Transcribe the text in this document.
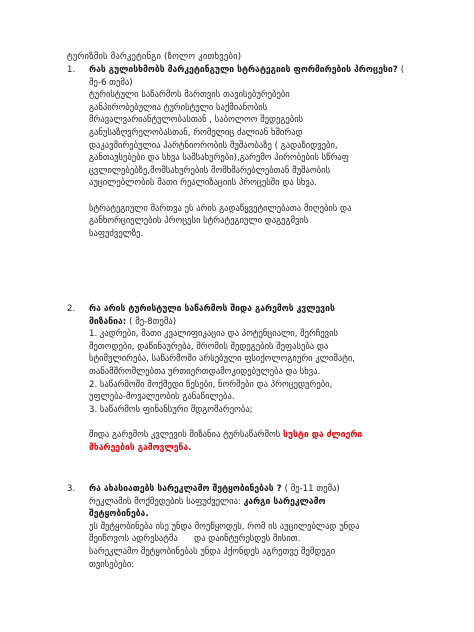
ტურიზმის მარკეტინგი (ზოლო კითხვები)
1. რას გულისხმობს მარკეტინგული სტრატეგიის ფორმირების პროცესი? ( მე-6 თემა)

ტურისტული საწარმოს მართვის თავისებურებები

განპირობებულია ტურისტული საქმიანობის

მრავალვარიანტულობასთან , საბოლოო შედეგების

განუსაზღვრელობასთან, რომელიც ძალიან ხშირად

დაკავშირებულია პარტნიორობის მუშაობაზე ( გადაზიდვები,

განთავსებები და სხვა სამსახურები),გარემო პირობების სწრაფ

ცვლილებებზე,მომსახურების მომხმარებლებთან მუშაობის

აუცილებლობის მათი რეალიზაციის პროცესში და სხვა.

სტრატეგიული მართვა ეს არის გადაწყვეტილებათა მიღების და

განხორციელების პროცესი სტრატეგიული დაგეგმვის

საფუძველზე.

2. რა არის ტურისტული საწარმოს შიდა გარემოს კვლევის
მიზანია: ( მე-8თემა)

1. კადრები, მათი კვალიფიკაცია და პოტენციალი, შერჩევის

მეთოდები, დაწინაურება, შრომის შედეგების შეფასება და

სტიმულირება, საწარმოში არსებული ფსიქოლოგიური კლიმატი,

თანამშრომლებთა ურთიერთდამოკიდებულება და სხვა.

2. საწარმოში მოქმედი წესები, ნორმები და პროცედურები,

უფლება-მოვალეობის განაწილება.

3. საწარმოს ფინანსური მდგომარეობა;

შიდა გარემოს კვლევის მიზანია ტურსაწარმოს სუსტი და ძლიერი

მხარეების გამოვლენა.

3. რა ახასიათებს სარეკლამო შეტყობინებას ? ( მე-11 თემა)

რეკლამის მოქმედების საფუძველია: კარგი სარეკლამო

შეტყობინება.

ეს შეტყობინება ისე უნდა მოეწყოდეს, რომ ის აუცილებლად უნდა

შეიწოვოს ადრესატმა      და დაინტერესდეს მისით.

სარეკლამო შეტყობინებას უნდა ჰქონდეს აგრეთვე შემდეგი

თვისებები:
